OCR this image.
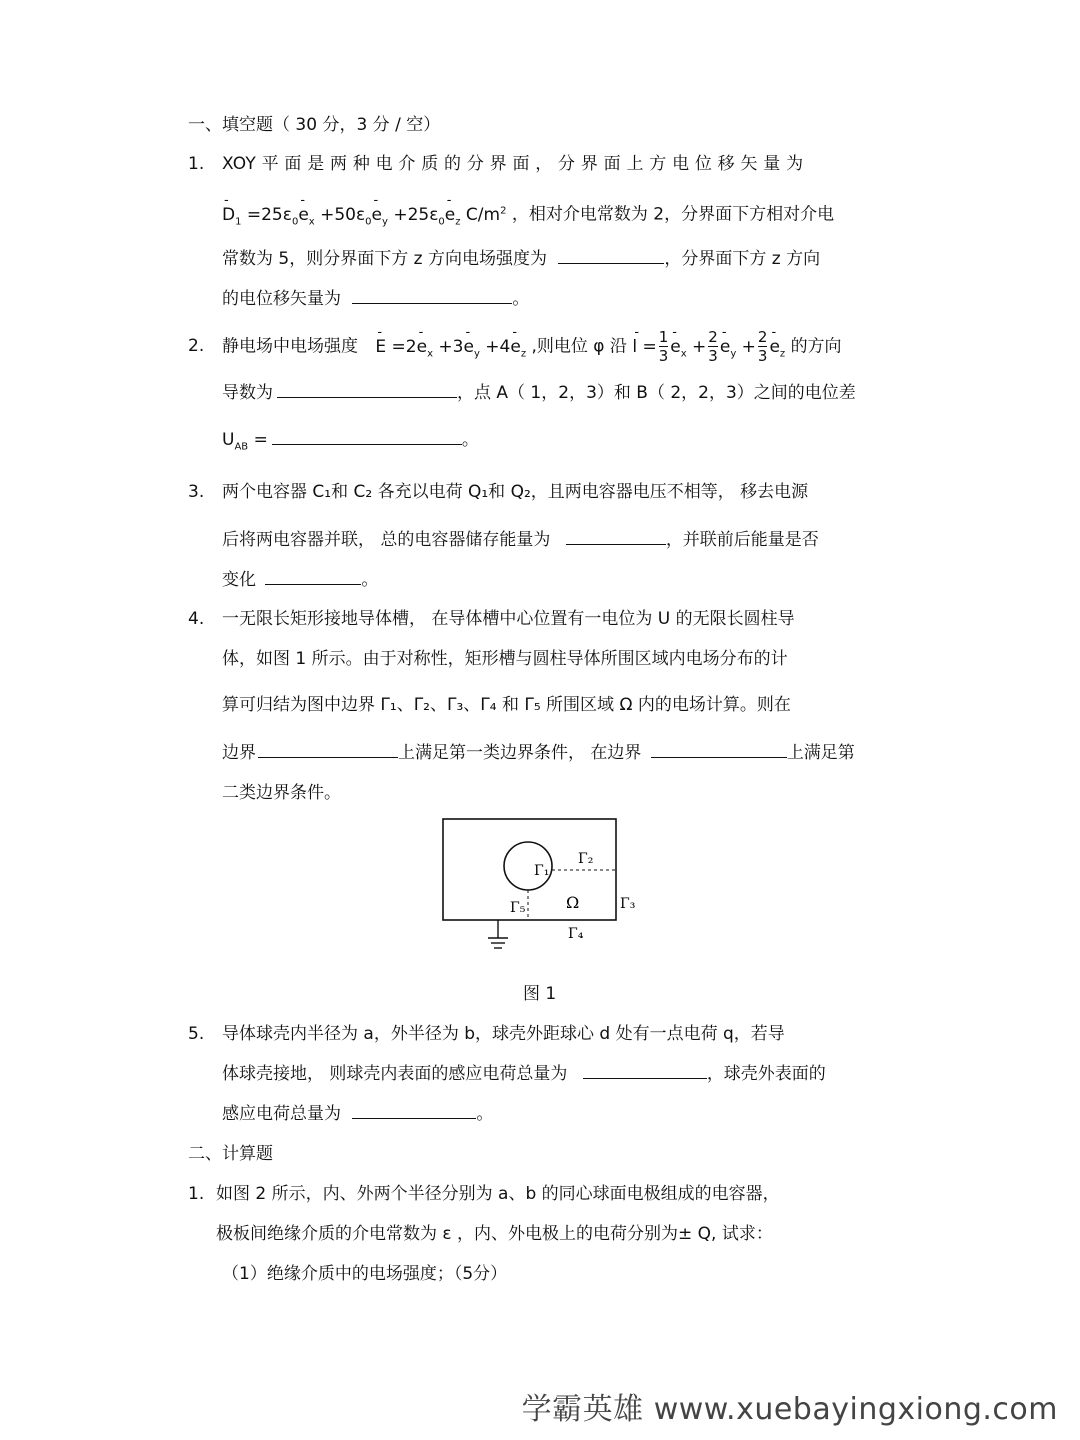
一、填空题（ 30 分，3 分 / 空）
1. XOY 平 面 是 两 种 电 介 质 的 分 界 面 ， 分 界 面 上 方 电 位 移 矢 量 为
- $D_1 =25\varepsilon_0-$ $e_x +50\varepsilon_0-$ $e_y +25\varepsilon_0-$ $e_z$ $C/m^2$ ，相对介电常数为 2，分界面下方相对介电
常数为 5，则分界面下方 z 方向电场强度为	，分界面下方 z 方向
的电位移矢量为	。
2. 静电场中电场强度 - E =2- $e_x +3-$ $e_y +4-$ $e_z$ ,则电位 φ 沿 - $l = \frac{1}{3}$
- $e_x + \frac{2}{3}$
- $e_y + \frac{2}{3}$
- $e_z$ 的方向
导数为	，点 A（ 1，2，3）和 B（ 2，2，3）之间的电位差
$U_{AB}$ =	。
3. 两个电容器 C₁和 C₂ 各充以电荷 Q₁和 Q₂，且两电容器电压不相等， 移去电源
后将两电容器并联， 总的电容器储存能量为	，并联前后能量是否
变化	。
4. 一无限长矩形接地导体槽， 在导体槽中心位置有一电位为 U 的无限长圆柱导
体，如图 1 所示。由于对称性，矩形槽与圆柱导体所围区域内电场分布的计
算可归结为图中边界 Γ₁、Γ₂、Γ₃、Γ₄ 和 Γ₅ 所围区域 Ω 内的电场计算。则在
边界	上满足第一类边界条件， 在边界	上满足第
二类边界条件。
Γ₁
Γ₂
Γ₃
Γ₄
Γ₅	Ω
图 1
5. 导体球壳内半径为 a，外半径为 b，球壳外距球心 d 处有一点电荷 q，若导
体球壳接地， 则球壳内表面的感应电荷总量为	，球壳外表面的
感应电荷总量为	。
二、计算题
1. 如图 2 所示，内、外两个半径分别为 a、b 的同心球面电极组成的电容器，
极板间绝缘介质的介电常数为 ε ，内、外电极上的电荷分别为± Q, 试求：
（1）绝缘介质中的电场强度；（5分）
学霸英雄 www.xuebayingxiong.com
